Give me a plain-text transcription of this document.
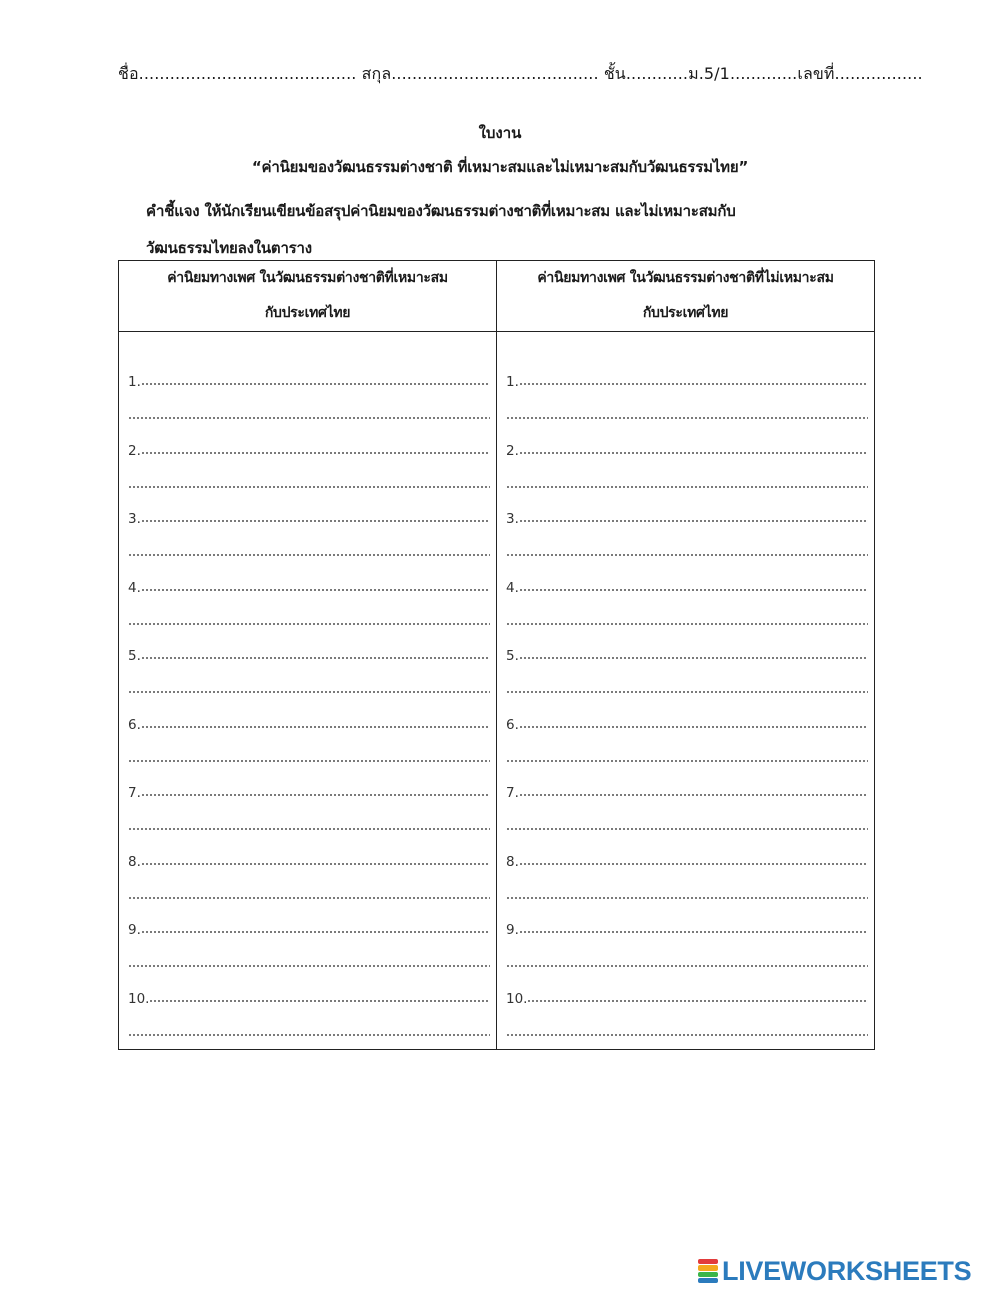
ชื่อ.......................................... สกุล........................................ ชั้น............ม.5/1.............เลขที่.................
ใบงาน
“ค่านิยมของวัฒนธรรมต่างชาติ ที่เหมาะสมและไม่เหมาะสมกับวัฒนธรรมไทย”
คำชี้แจง ให้นักเรียนเขียนข้อสรุปค่านิยมของวัฒนธรรมต่างชาติที่เหมาะสม และไม่เหมาะสมกับ
วัฒนธรรมไทยลงในตาราง
ค่านิยมทางเพศ ในวัฒนธรรมต่างชาติที่เหมาะสม
กับประเทศไทย
ค่านิยมทางเพศ ในวัฒนธรรมต่างชาติที่ไม่เหมาะสม
กับประเทศไทย
1.
2.
3.
4.
5.
6.
7.
8.
9.
10.
1.
2.
3.
4.
5.
6.
7.
8.
9.
10.
LIVEWORKSHEETS
